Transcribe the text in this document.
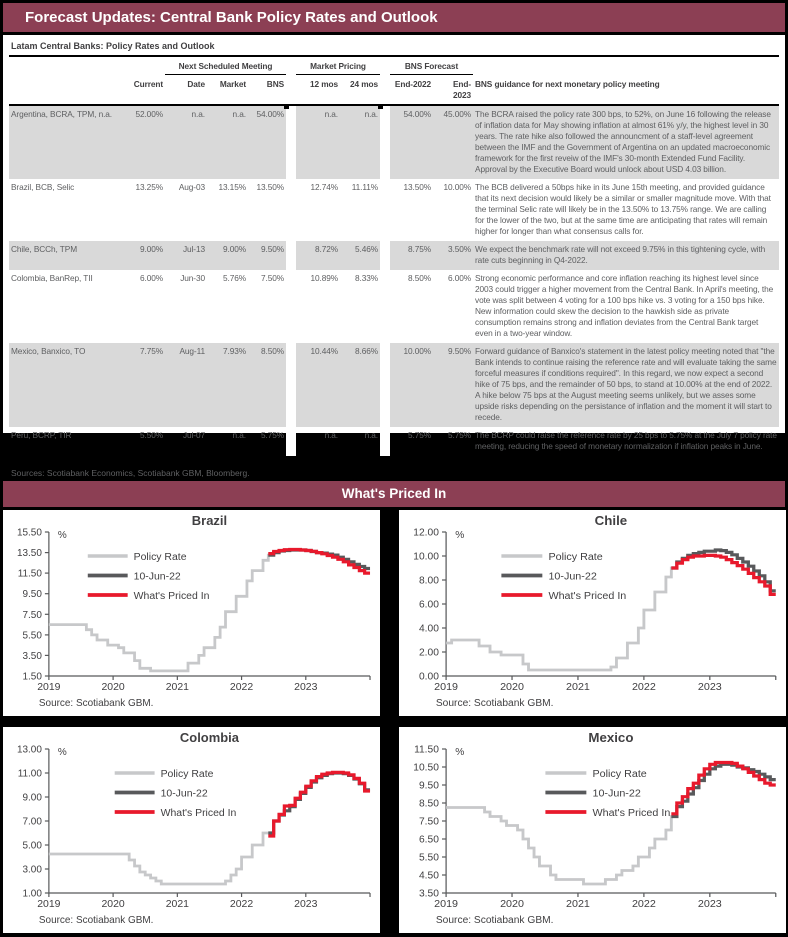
Forecast Updates: Central Bank Policy Rates and Outlook
Latam Central Banks: Policy Rates and Outlook
		Next Scheduled Meeting				Market Pricing			BNS Forecast		
	Current	Date	Market	BNS		12 mos	24 mos		End-2022	End-2023	BNS guidance for next monetary policy meeting
Argentina, BCRA, TPM, n.a.	52.00%	n.a.	n.a.	54.00%		n.a.	n.a.		54.00%	45.00%	The BCRA raised the policy rate 300 bps, to 52%, on June 16 following the release of inflation data for May showing inflation at almost 61% y/y, the highest level in 30 years. The rate hike also followed the announcment of a staff-level agreement between the IMF and the Government of Argentina on an updated macroeconomic framework for the first reveiw of the IMF's 30-month Extended Fund Facility. Approval by the Executive Board would unlock about USD 4.03 billion.
Brazil, BCB, Selic	13.25%	Aug-03	13.15%	13.50%		12.74%	11.11%		13.50%	10.00%	The BCB delivered a 50bps hike in its June 15th meeting, and provided guidance that its next decision would likely be a similar or smaller magnitude move. With that the terminal Selic rate will likely be in the 13.50% to 13.75% range. We are calling for the lower of the two, but at the same time are anticipating that rates will remain higher for longer than what consensus calls for.
Chile, BCCh, TPM	9.00%	Jul-13	9.00%	9.50%		8.72%	5.46%		8.75%	3.50%	We expect the benchmark rate will not exceed 9.75% in this tightening cycle, with rate cuts beginning in Q4-2022.
Colombia, BanRep, TII	6.00%	Jun-30	5.76%	7.50%		10.89%	8.33%		8.50%	6.00%	Strong economic performance and core inflation reaching its highest level since 2003 could trigger a higher movement from the Central Bank. In April's meeting, the vote was split between 4 voting for a 100 bps hike vs. 3 voting for a 150 bps hike. New information could skew the decision to the hawkish side as private consumption remains strong and inflation deviates from the Central Bank target even in a two-year window.
Mexico, Banxico, TO	7.75%	Aug-11	7.93%	8.50%		10.44%	8.66%		10.00%	9.50%	Forward guidance of Banxico's statement in the latest policy meeting noted that "the Bank intends to continue raising the reference rate and will evaluate taking the same forceful measures if conditions required". In this regard, we now expect a second hike of 75 bps, and the remainder of 50 bps, to stand at 10.00% at the end of 2022. A hike below 75 bps at the August meeting seems unlikely, but we asses some upside risks depending on the persistance of inflation and the moment it will start to recede.
Peru, BCRP, TIR	5.50%	Jul-07	n.a.	5.75%		n.a.	n.a.		5.75%	5.75%	The BCRP could raise the reference rate by 25 bps to 5.75% at the July 7 policy rate meeting, reducing the speed of monetary normalization if inflation peaks in June.
Sources: Scotiabank Economics, Scotiabank GBM, Bloomberg.
What's Priced In
Brazil
1.50
3.50
5.50
7.50
9.50
11.50
13.50
15.50
2019	2020	2021	2022	2023
%
Policy Rate
10-Jun-22
What's Priced In
Source: Scotiabank GBM.
Chile
0.00
2.00
4.00
6.00
8.00
10.00
12.00
2019	2020	2021	2022	2023
%
Policy Rate
10-Jun-22
What's Priced In
Source: Scotiabank GBM.
Colombia
1.00
3.00
5.00
7.00
9.00
11.00
13.00
2019	2020	2021	2022	2023
%
Policy Rate
10-Jun-22
What's Priced In
Source: Scotiabank GBM.
Mexico
3.50
4.50
5.50
6.50
7.50
8.50
9.50
10.50
11.50
2019	2020	2021	2022	2023
%
Policy Rate
10-Jun-22
What's Priced In
Source: Scotiabank GBM.
